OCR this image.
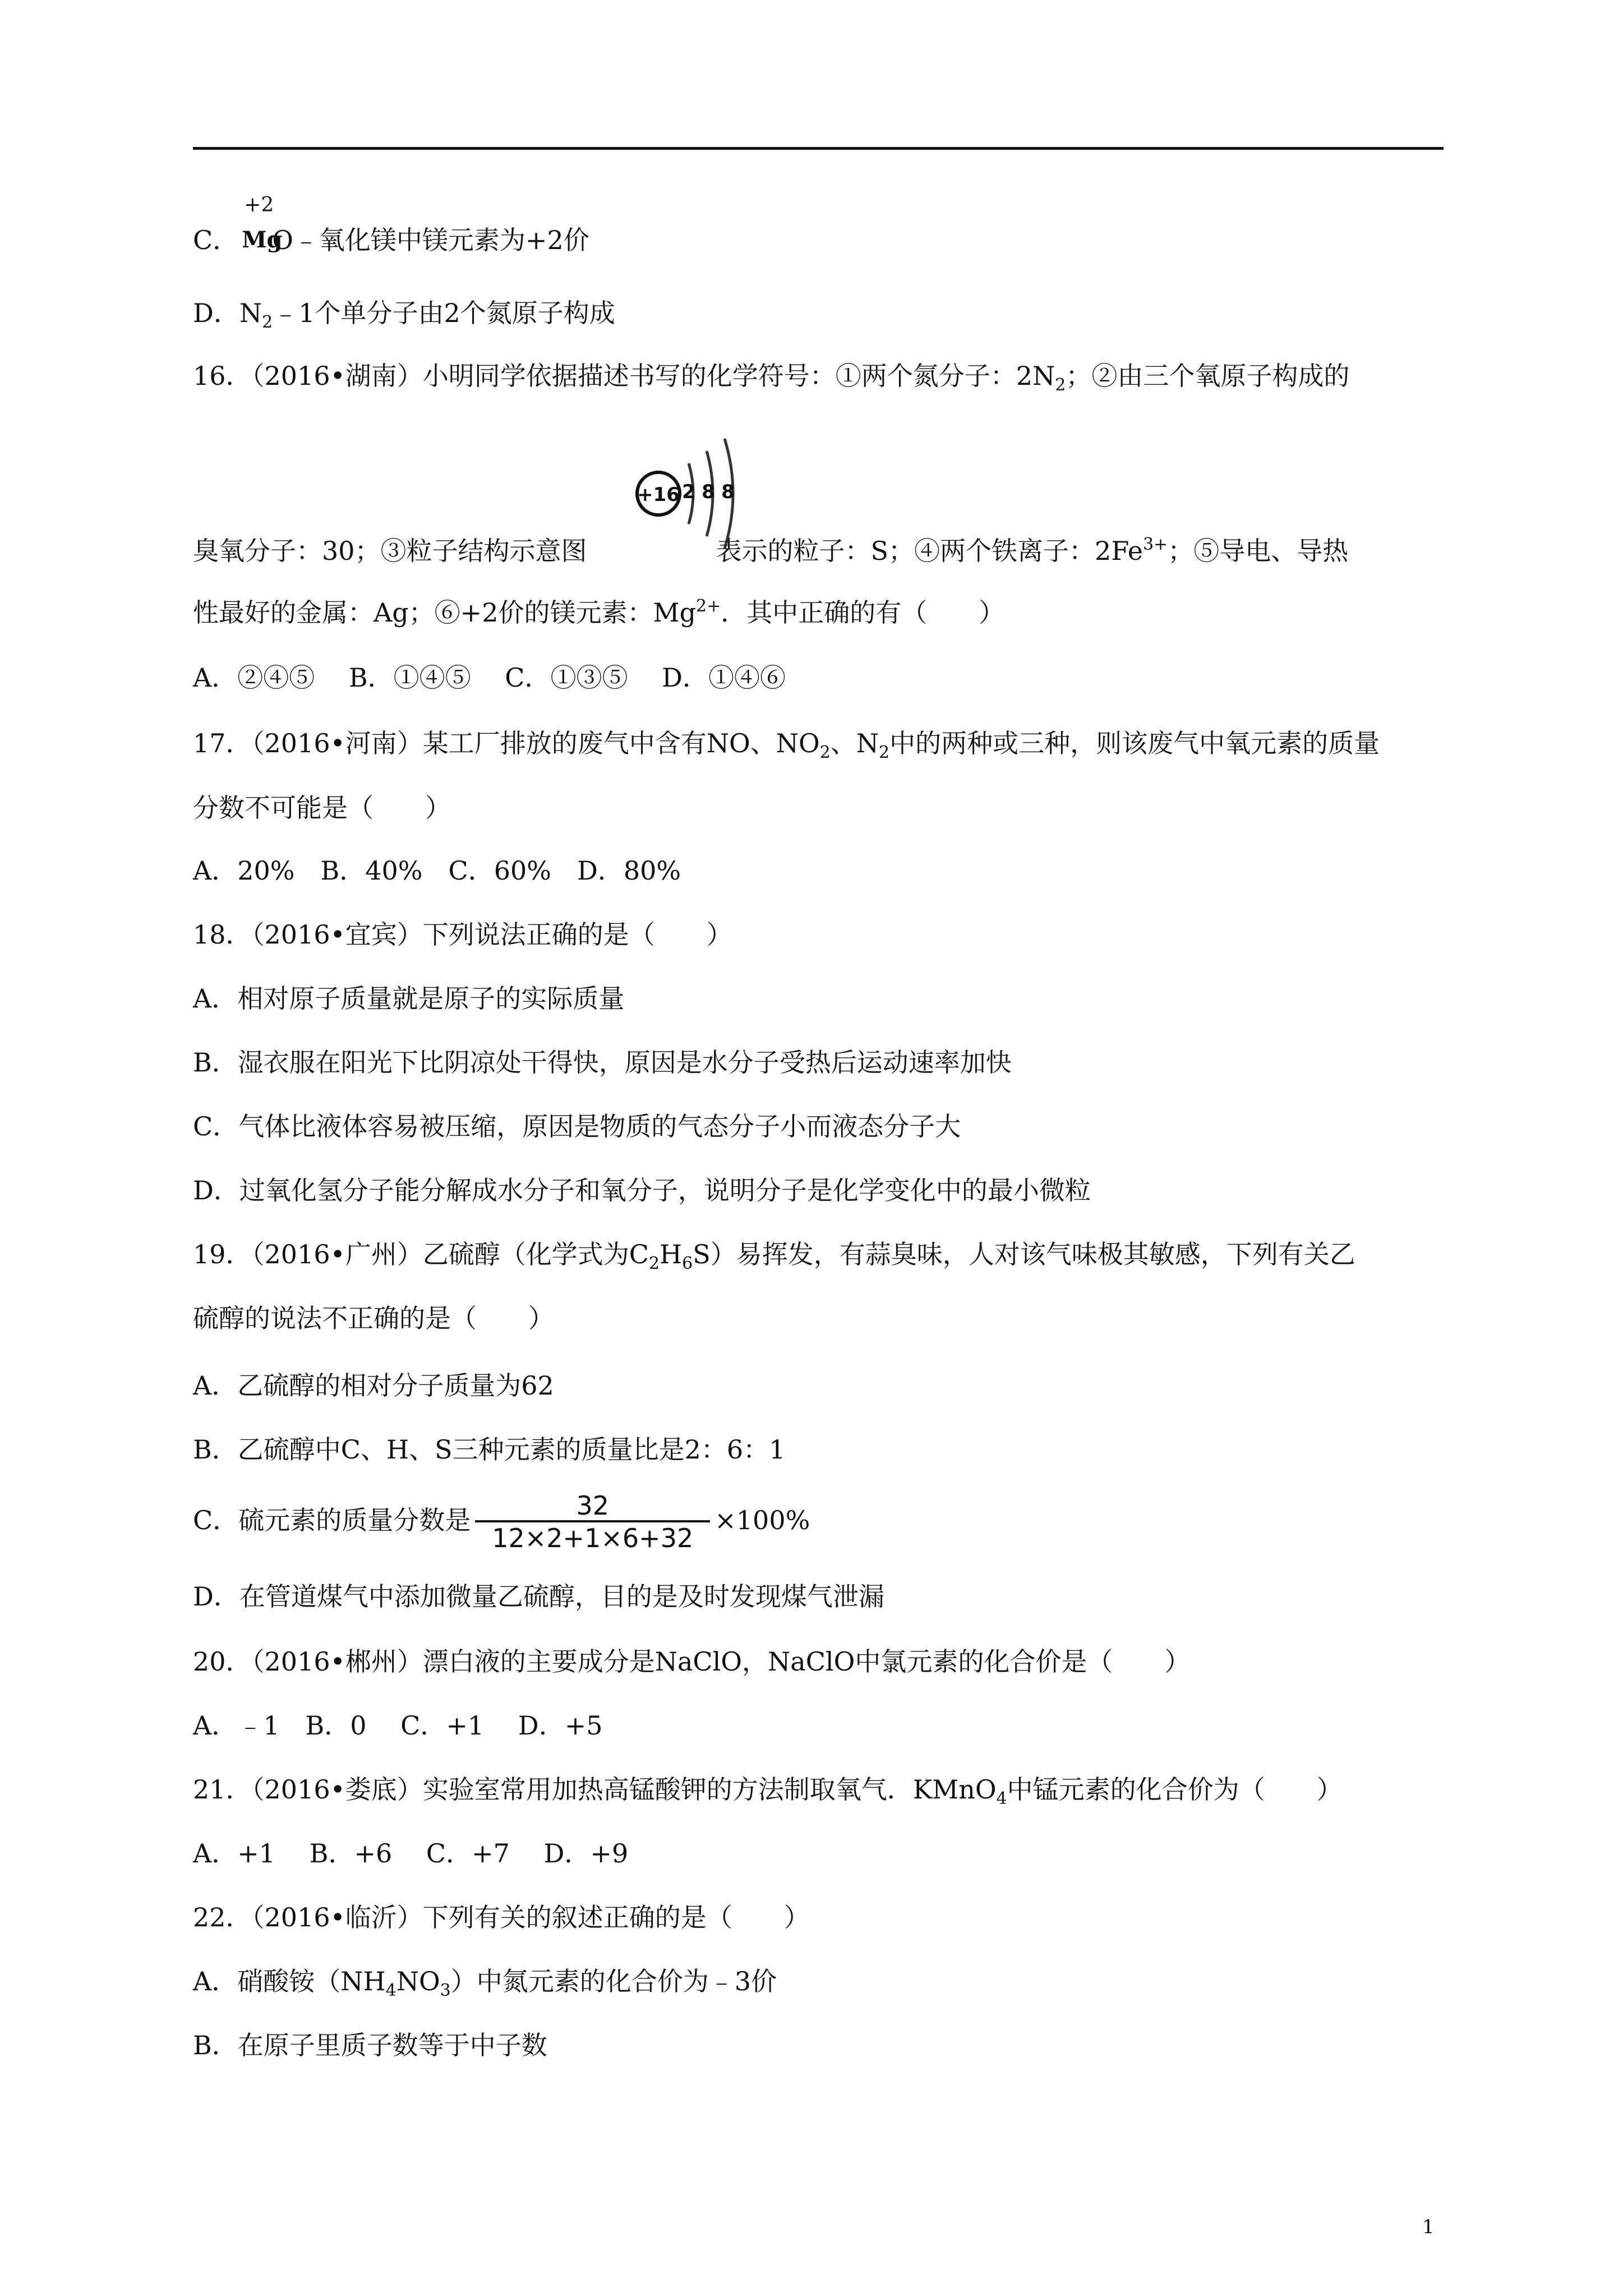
C．
+2
Mg
O﹣氧化镁中镁元素为+2价
D．$N_2﹣1$个单分子由2个氮原子构成
16．（2016•湖南）小明同学依据描述书写的化学符号：①两个氮分子：$2N_2$；②由三个氧原子构成的
+16 2 8 8
臭氧分子：30；③粒子结构示意图	表示的粒子：S；④两个铁离子：$2Fe^{3+}$；⑤导电、导热
性最好的金属：Ag；⑥+2价的镁元素：$Mg^{2+}$．其中正确的有（　　）
A．②④⑤　 B．①④⑤　 C．①③⑤　 D．①④⑥
17．（2016•河南）某工厂排放的废气中含有NO、$NO_2$、$N_2$中的两种或三种，则该废气中氧元素的质量
分数不可能是（　　）
A．20%　B．40%　C．60%　D．80%
18．（2016•宜宾）下列说法正确的是（　　）
A．相对原子质量就是原子的实际质量
B．湿衣服在阳光下比阴凉处干得快，原因是水分子受热后运动速率加快
C．气体比液体容易被压缩，原因是物质的气态分子小而液态分子大
D．过氧化氢分子能分解成水分子和氧分子，说明分子是化学变化中的最小微粒
19．（2016•广州）乙硫醇（化学式为$C_2H_6S$）易挥发，有蒜臭味，人对该气味极其敏感，下列有关乙
硫醇的说法不正确的是（　　）
A．乙硫醇的相对分子质量为62
B．乙硫醇中C、H、S三种元素的质量比是2：6：1
C．硫元素的质量分数是 $\frac{32}{12\times 2+1\times 6+32} \times 100\%$
D．在管道煤气中添加微量乙硫醇，目的是及时发现煤气泄漏
20．（2016•郴州）漂白液的主要成分是NaClO，NaClO中氯元素的化合价是（　　）
A．﹣1　B．0　 C．+1　 D．+5
21．（2016•娄底）实验室常用加热高锰酸钾的方法制取氧气．KMnO$_4$中锰元素的化合价为（　　）
A．+1　 B．+6　 C．+7　 D．+9
22．（2016•临沂）下列有关的叙述正确的是（　　）
A．硝酸铵$(NH_4NO_3)$中氮元素的化合价为﹣3价
B．在原子里质子数等于中子数
1
